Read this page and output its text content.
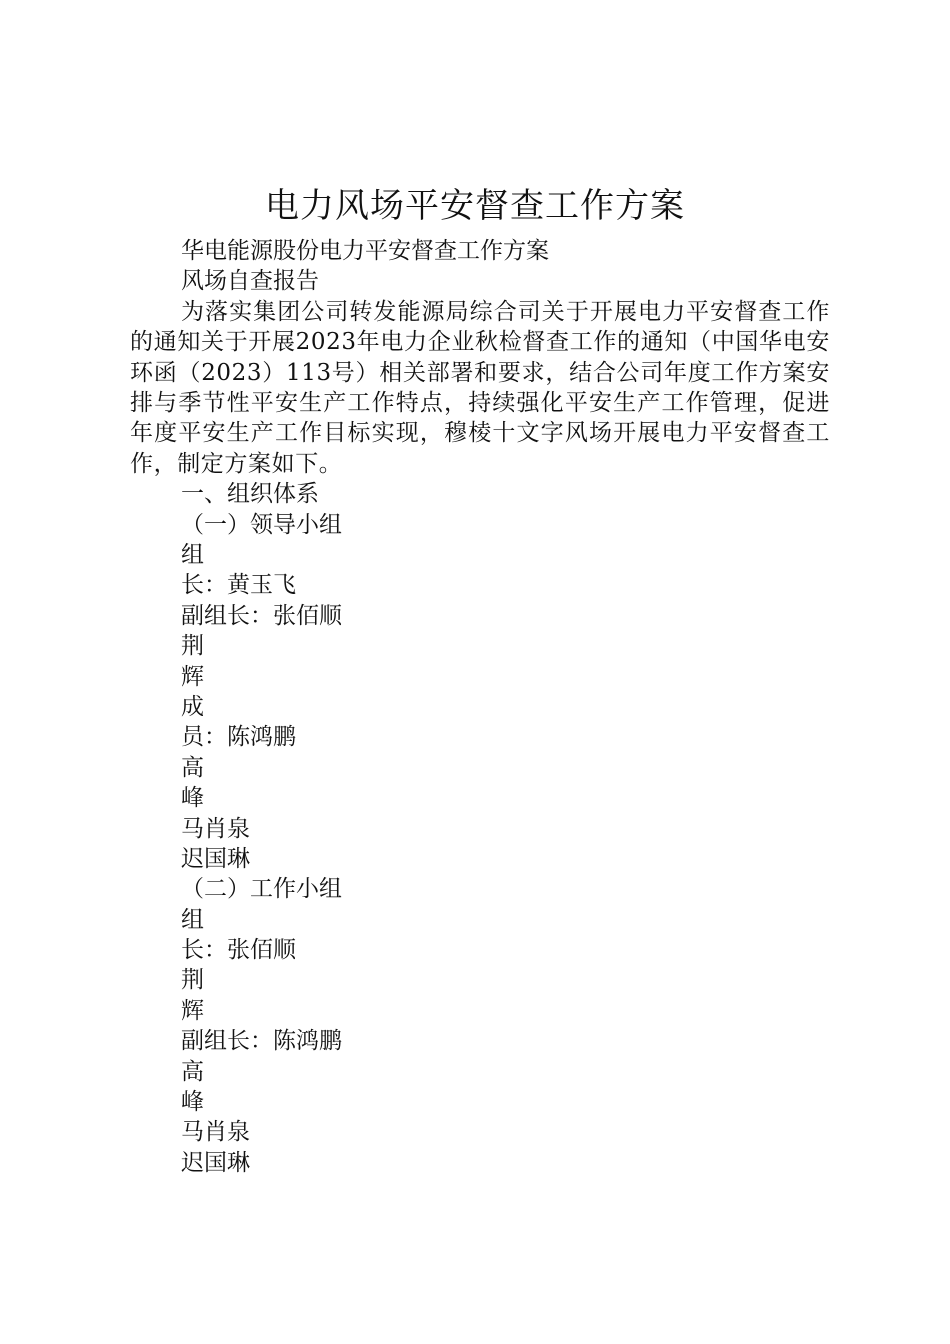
电力风场平安督查工作方案
华电能源股份电力平安督查工作方案
风场自查报告
为落实集团公司转发能源局综合司关于开展电力平安督查工作的通知关于开展2023年电力企业秋检督查工作的通知（中国华电安环函（2023）113号）相关部署和要求，结合公司年度工作方案安排与季节性平安生产工作特点，持续强化平安生产工作管理，促进年度平安生产工作目标实现，穆棱十文字风场开展电力平安督查工作，制定方案如下。
一、组织体系
（一）领导小组
组
长：黄玉飞
副组长：张佰顺
荆
辉
成
员：陈鸿鹏
高
峰
马肖泉
迟国琳
（二）工作小组
组
长：张佰顺
荆
辉
副组长：陈鸿鹏
高
峰
马肖泉
迟国琳
